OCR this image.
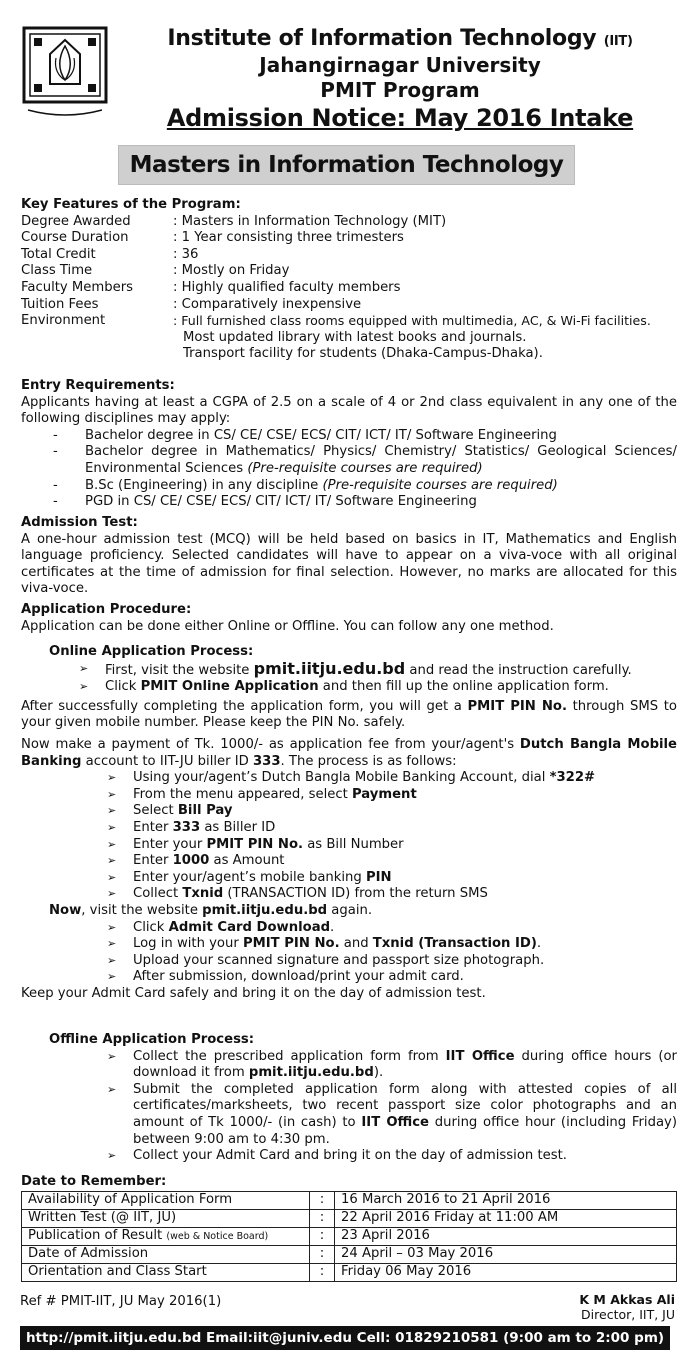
Institute of Information Technology (IIT)
Jahangirnagar University
PMIT Program
Admission Notice: May 2016 Intake
Masters in Information Technology
Key Features of the Program:
Degree Awarded	: Masters in Information Technology (MIT)
Course Duration	: 1 Year consisting three trimesters
Total Credit	: 36
Class Time	: Mostly on Friday
Faculty Members	: Highly qualified faculty members
Tuition Fees	: Comparatively inexpensive
Environment	: Full furnished class rooms equipped with multimedia, AC, & Wi-Fi facilities.
Most updated library with latest books and journals.
Transport facility for students (Dhaka-Campus-Dhaka).
Entry Requirements:
Applicants having at least a CGPA of 2.5 on a scale of 4 or 2nd class equivalent in any one of the following disciplines may apply:
-	Bachelor degree in CS/ CE/ CSE/ ECS/ CIT/ ICT/ IT/ Software Engineering
-	Bachelor degree in Mathematics/ Physics/ Chemistry/ Statistics/ Geological Sciences/ Environmental Sciences (Pre-requisite courses are required)
-	B.Sc (Engineering) in any discipline (Pre-requisite courses are required)
-	PGD in CS/ CE/ CSE/ ECS/ CIT/ ICT/ IT/ Software Engineering
Admission Test:
A one-hour admission test (MCQ) will be held based on basics in IT, Mathematics and English language proficiency. Selected candidates will have to appear on a viva-voce with all original certificates at the time of admission for final selection. However, no marks are allocated for this viva-voce.
Application Procedure:
Application can be done either Online or Offline. You can follow any one method.
Online Application Process:
➢	First, visit the website pmit.iitju.edu.bd and read the instruction carefully.
➢	Click PMIT Online Application and then fill up the online application form.
After successfully completing the application form, you will get a PMIT PIN No. through SMS to your given mobile number. Please keep the PIN No. safely.
Now make a payment of Tk. 1000/- as application fee from your/agent's Dutch Bangla Mobile Banking account to IIT-JU biller ID 333. The process is as follows:
➢	Using your/agent’s Dutch Bangla Mobile Banking Account, dial *322#
➢	From the menu appeared, select Payment
➢	Select Bill Pay
➢	Enter 333 as Biller ID
➢	Enter your PMIT PIN No. as Bill Number
➢	Enter 1000 as Amount
➢	Enter your/agent’s mobile banking PIN
➢	Collect Txnid (TRANSACTION ID) from the return SMS
Now, visit the website pmit.iitju.edu.bd again.
➢	Click Admit Card Download.
➢	Log in with your PMIT PIN No. and Txnid (Transaction ID).
➢	Upload your scanned signature and passport size photograph.
➢	After submission, download/print your admit card.
Keep your Admit Card safely and bring it on the day of admission test.
Offline Application Process:
➢	Collect the prescribed application form from IIT Office during office hours (or download it from pmit.iitju.edu.bd).
➢	Submit the completed application form along with attested copies of all certificates/marksheets, two recent passport size color photographs and an amount of Tk 1000/- (in cash) to IIT Office during office hour (including Friday) between 9:00 am to 4:30 pm.
➢	Collect your Admit Card and bring it on the day of admission test.
Date to Remember:
Availability of Application Form	:	16 March 2016 to 21 April 2016
Written Test (@ IIT, JU)	:	22 April 2016 Friday at 11:00 AM
Publication of Result (web & Notice Board)	:	23 April 2016
Date of Admission	:	24 April – 03 May 2016
Orientation and Class Start	:	Friday 06 May 2016
Ref # PMIT-IIT, JU May 2016(1)	K M Akkas Ali
Director, IIT, JU
http://pmit.iitju.edu.bd Email:iit@juniv.edu Cell: 01829210581 (9:00 am to 2:00 pm)
